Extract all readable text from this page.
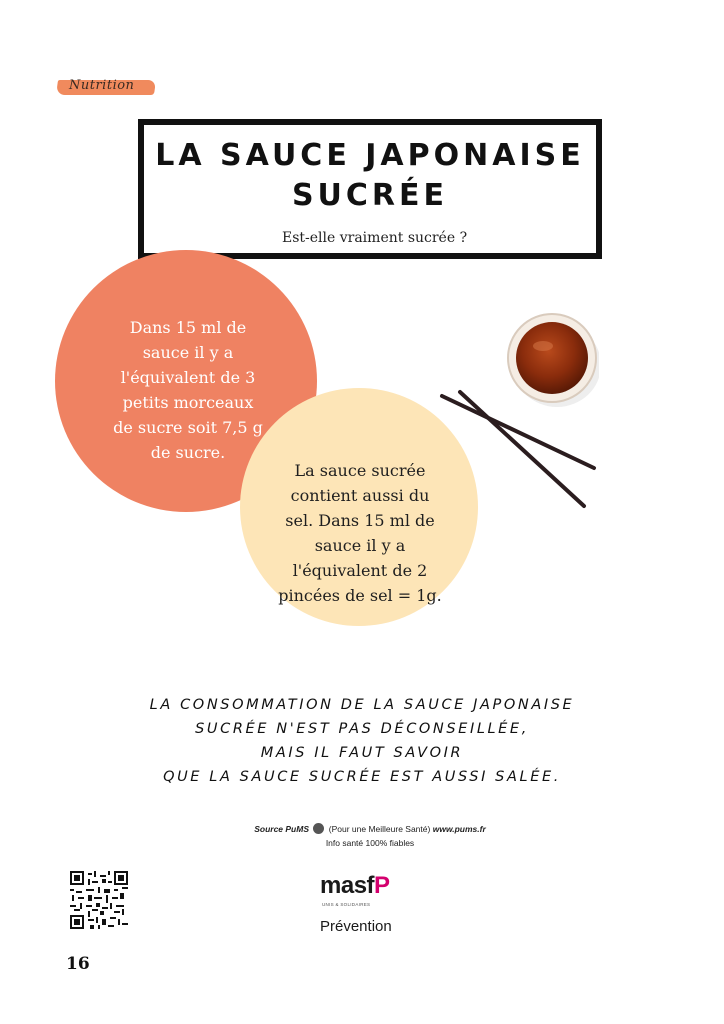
Nutrition
LA SAUCE JAPONAISE
SUCRÉE
Est-elle vraiment sucrée ?
Dans 15 ml de
sauce il y a
l'équivalent de 3
petits morceaux
de sucre soit 7,5 g
de sucre.
La sauce sucrée
contient aussi du
sel. Dans 15 ml de
sauce il y a
l'équivalent de 2
pincées de sel = 1g.
LA CONSOMMATION DE LA SAUCE JAPONAISE
SUCRÉE N'EST PAS DÉCONSEILLÉE,
MAIS IL FAUT SAVOIR
QUE LA SAUCE SUCRÉE EST AUSSI SALÉE.
Source PuMS (Pour une Meilleure Santé) www.pums.fr
Info santé 100% fiables
masfP
UNIS & SOLIDAIRES
Prévention
16
